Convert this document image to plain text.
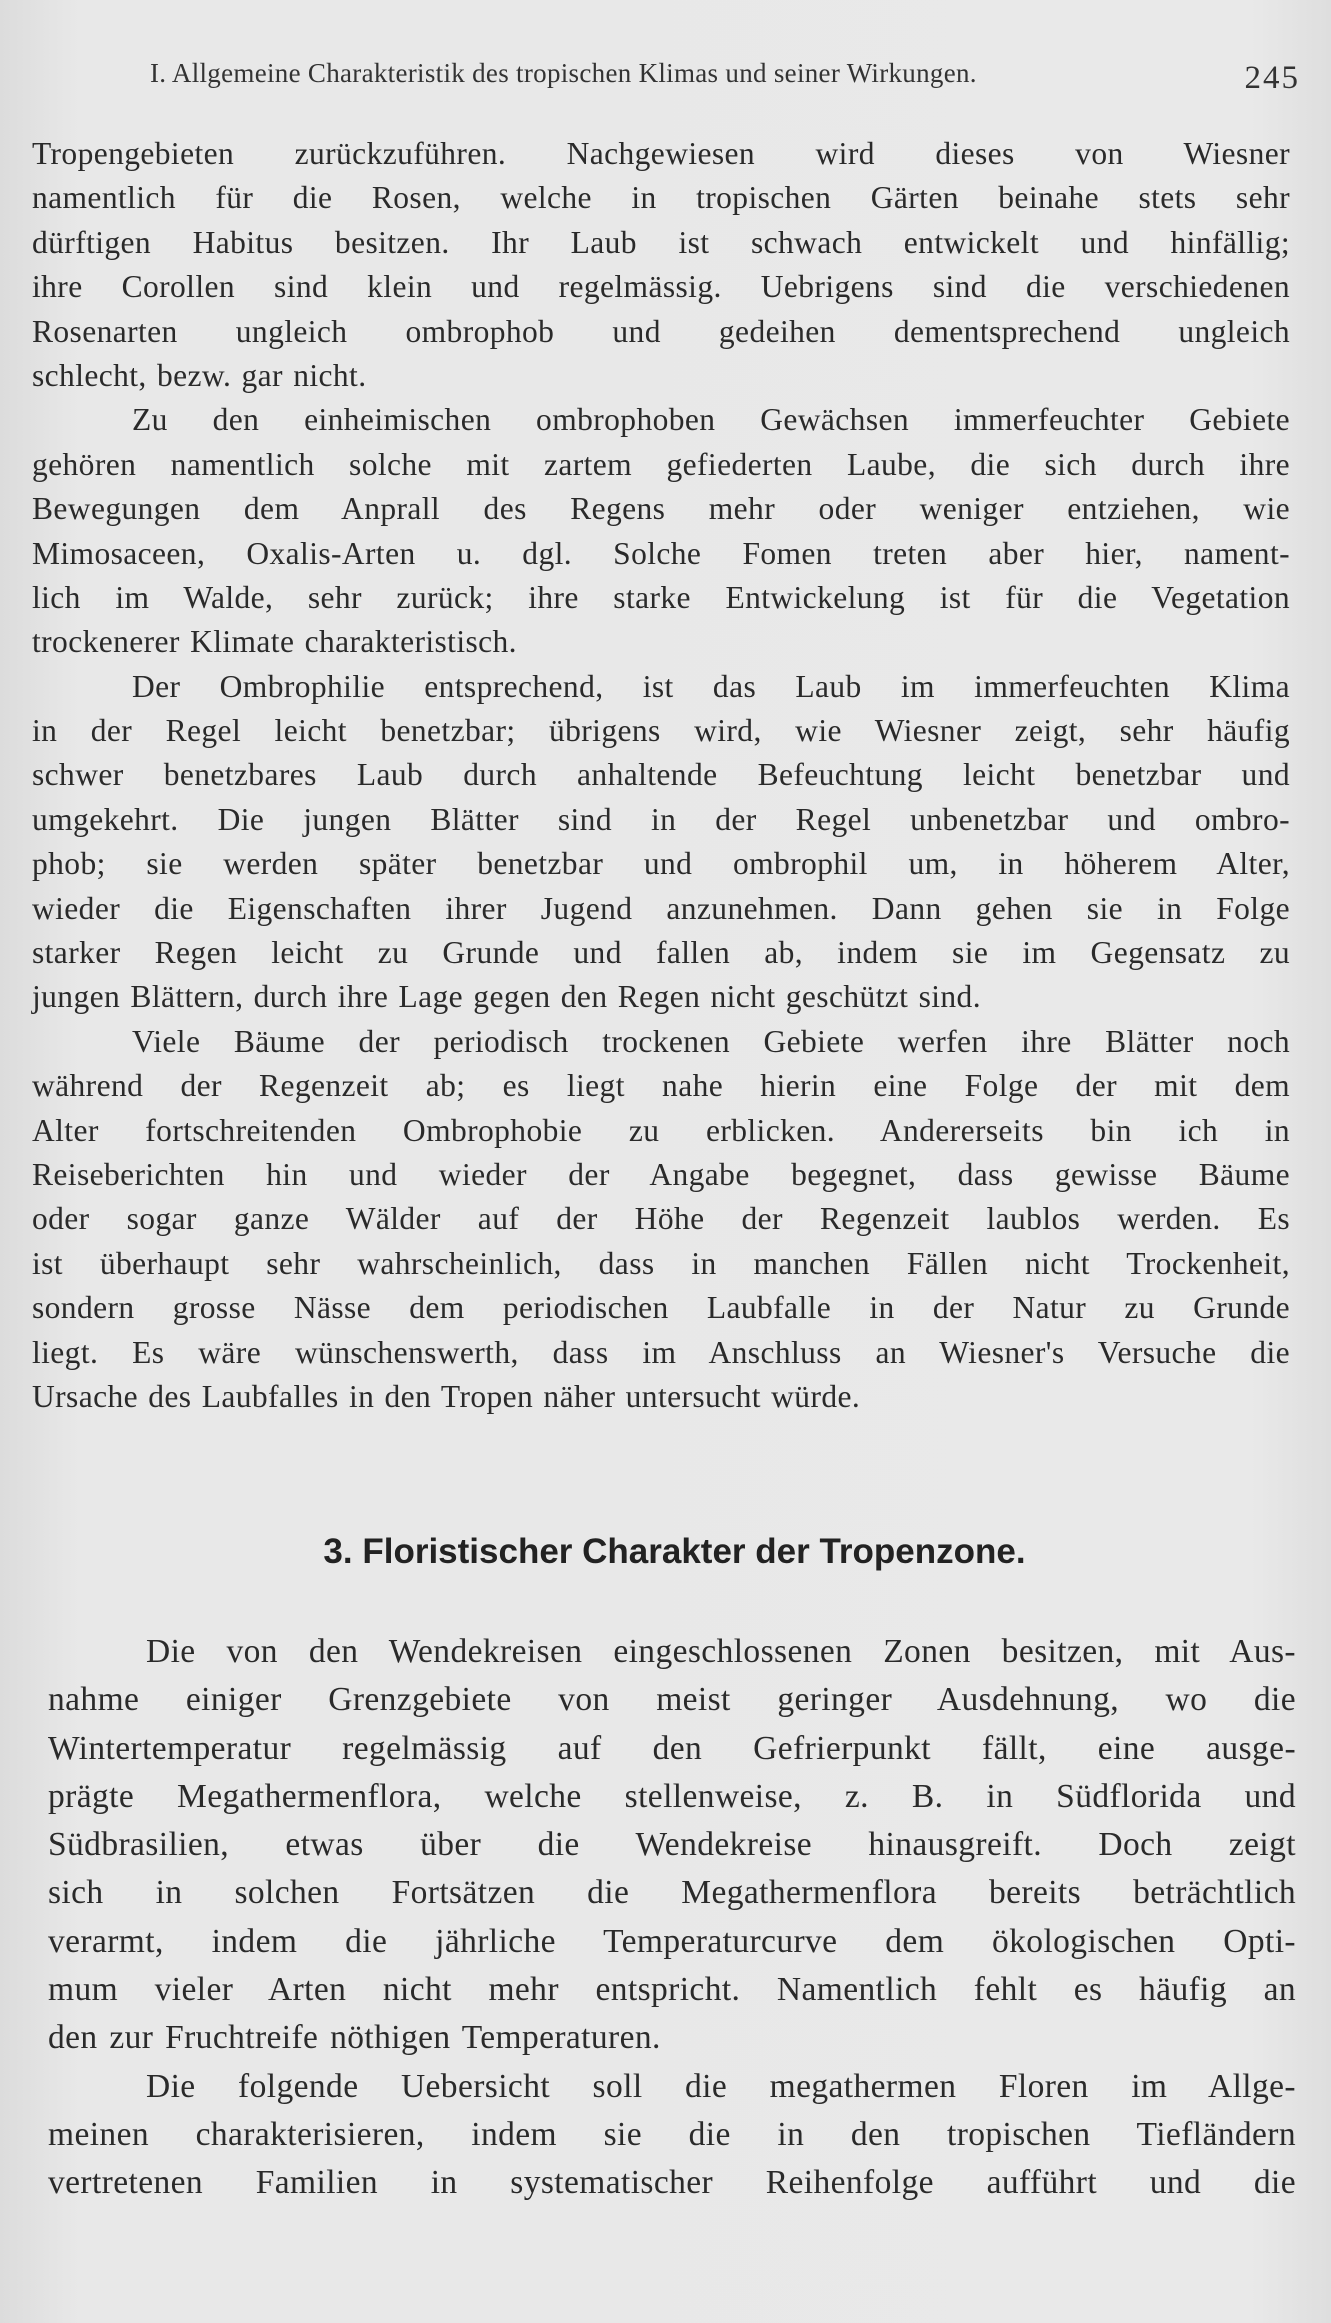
I. Allgemeine Charakteristik des tropischen Klimas und seiner Wirkungen.	245
Tropengebieten zurückzuführen. Nachgewiesen wird dieses von Wiesner
namentlich für die Rosen, welche in tropischen Gärten beinahe stets sehr
dürftigen Habitus besitzen. Ihr Laub ist schwach entwickelt und hinfällig;
ihre Corollen sind klein und regelmässig. Uebrigens sind die verschiedenen
Rosenarten ungleich ombrophob und gedeihen dementsprechend ungleich
schlecht, bezw. gar nicht.
Zu den einheimischen ombrophoben Gewächsen immerfeuchter Gebiete
gehören namentlich solche mit zartem gefiederten Laube, die sich durch ihre
Bewegungen dem Anprall des Regens mehr oder weniger entziehen, wie
Mimosaceen, Oxalis-Arten u. dgl. Solche Fomen treten aber hier, nament-
lich im Walde, sehr zurück; ihre starke Entwickelung ist für die Vegetation
trockenerer Klimate charakteristisch.
Der Ombrophilie entsprechend, ist das Laub im immerfeuchten Klima
in der Regel leicht benetzbar; übrigens wird, wie Wiesner zeigt, sehr häufig
schwer benetzbares Laub durch anhaltende Befeuchtung leicht benetzbar und
umgekehrt. Die jungen Blätter sind in der Regel unbenetzbar und ombro-
phob; sie werden später benetzbar und ombrophil um, in höherem Alter,
wieder die Eigenschaften ihrer Jugend anzunehmen. Dann gehen sie in Folge
starker Regen leicht zu Grunde und fallen ab, indem sie im Gegensatz zu
jungen Blättern, durch ihre Lage gegen den Regen nicht geschützt sind.
Viele Bäume der periodisch trockenen Gebiete werfen ihre Blätter noch
während der Regenzeit ab; es liegt nahe hierin eine Folge der mit dem
Alter fortschreitenden Ombrophobie zu erblicken. Andererseits bin ich in
Reiseberichten hin und wieder der Angabe begegnet, dass gewisse Bäume
oder sogar ganze Wälder auf der Höhe der Regenzeit laublos werden. Es
ist überhaupt sehr wahrscheinlich, dass in manchen Fällen nicht Trockenheit,
sondern grosse Nässe dem periodischen Laubfalle in der Natur zu Grunde
liegt. Es wäre wünschenswerth, dass im Anschluss an Wiesner's Versuche die
Ursache des Laubfalles in den Tropen näher untersucht würde.
3. Floristischer Charakter der Tropenzone.
Die von den Wendekreisen eingeschlossenen Zonen besitzen, mit Aus-
nahme einiger Grenzgebiete von meist geringer Ausdehnung, wo die
Wintertemperatur regelmässig auf den Gefrierpunkt fällt, eine ausge-
prägte Megathermenflora, welche stellenweise, z. B. in Südflorida und
Südbrasilien, etwas über die Wendekreise hinausgreift. Doch zeigt
sich in solchen Fortsätzen die Megathermenflora bereits beträchtlich
verarmt, indem die jährliche Temperaturcurve dem ökologischen Opti-
mum vieler Arten nicht mehr entspricht. Namentlich fehlt es häufig an
den zur Fruchtreife nöthigen Temperaturen.
Die folgende Uebersicht soll die megathermen Floren im Allge-
meinen charakterisieren, indem sie die in den tropischen Tiefländern
vertretenen Familien in systematischer Reihenfolge aufführt und die
